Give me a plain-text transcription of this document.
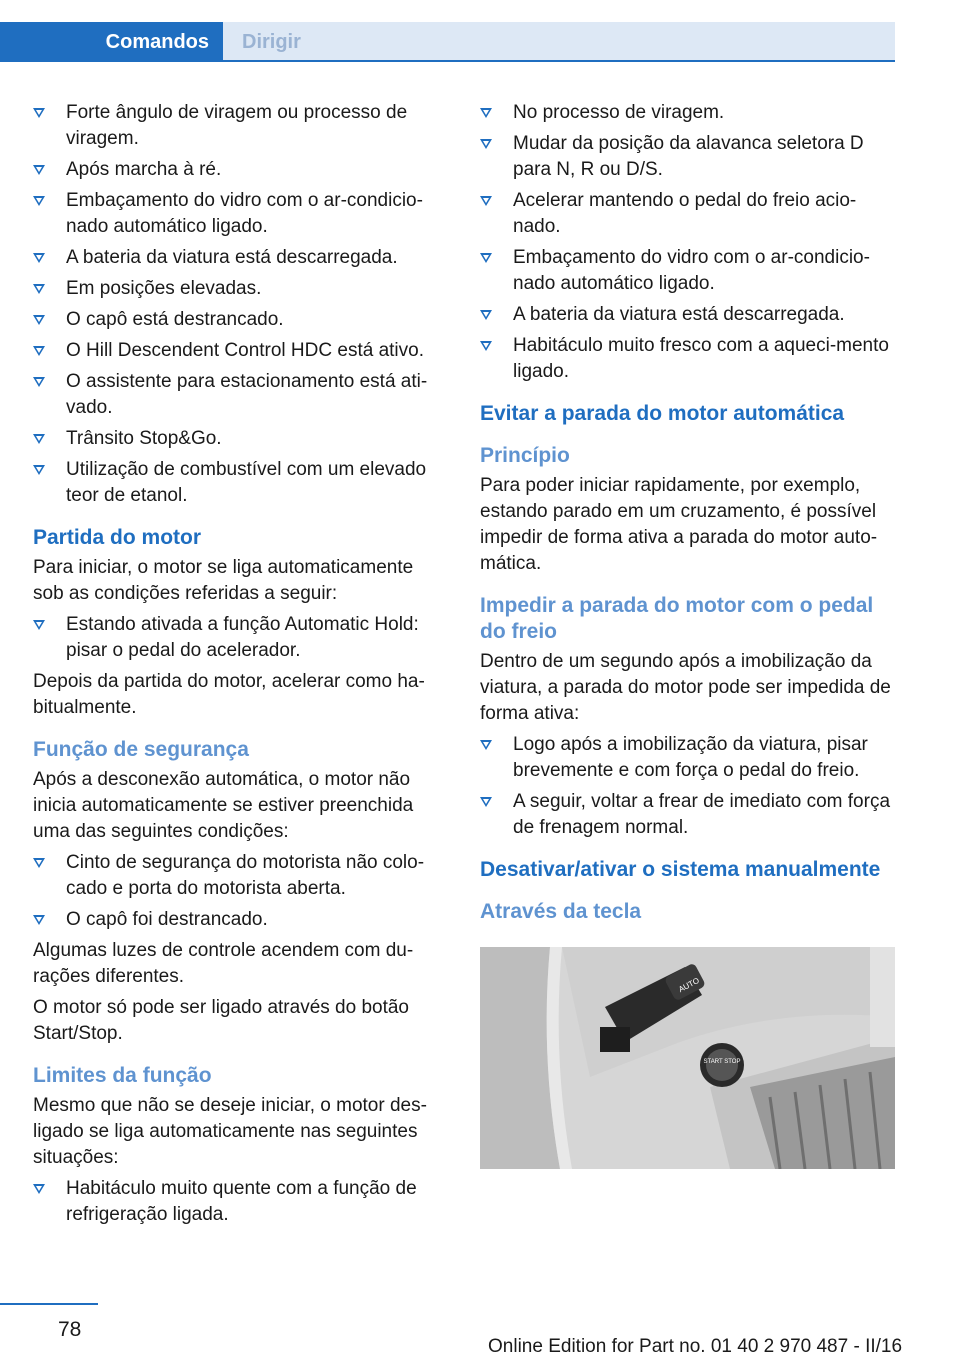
Comandos	Dirigir
Forte ângulo de viragem ou processo de viragem.
Após marcha à ré.
Embaçamento do vidro com o ar-condicio‐nado automático ligado.
A bateria da viatura está descarregada.
Em posições elevadas.
O capô está destrancado.
O Hill Descendent Control HDC está ativo.
O assistente para estacionamento está ati‐vado.
Trânsito Stop&Go.
Utilização de combustível com um elevado teor de etanol.
Partida do motor

Para iniciar, o motor se liga automaticamente sob as condições referidas a seguir:

Estando ativada a função Automatic Hold: pisar o pedal do acelerador.

Depois da partida do motor, acelerar como ha‐bitualmente.

Função de segurança

Após a desconexão automática, o motor não inicia automaticamente se estiver preenchida uma das seguintes condições:

Cinto de segurança do motorista não colo‐cado e porta do motorista aberta.
O capô foi destrancado.

Algumas luzes de controle acendem com du‐rações diferentes.

O motor só pode ser ligado através do botão Start/Stop.

Limites da função

Mesmo que não se deseje iniciar, o motor des‐ligado se liga automaticamente nas seguintes situações:

Habitáculo muito quente com a função de refrigeração ligada.
No processo de viragem.
Mudar da posição da alavanca seletora D para N, R ou D/S.
Acelerar mantendo o pedal do freio acio‐nado.
Embaçamento do vidro com o ar-condicio‐nado automático ligado.
A bateria da viatura está descarregada.
Habitáculo muito fresco com a aqueci‐mento ligado.
Evitar a parada do motor automática
Princípio

Para poder iniciar rapidamente, por exemplo, estando parado em um cruzamento, é possível impedir de forma ativa a parada do motor auto‐mática.

Impedir a parada do motor com o pedal do freio

Dentro de um segundo após a imobilização da viatura, a parada do motor pode ser impedida de forma ativa:

Logo após a imobilização da viatura, pisar brevemente e com força o pedal do freio.
A seguir, voltar a frear de imediato com força de frenagem normal.
Desativar/ativar o sistema manualmente
Através da tecla
AUTO
START STOP
78
Online Edition for Part no. 01 40 2 970 487 - II/16
